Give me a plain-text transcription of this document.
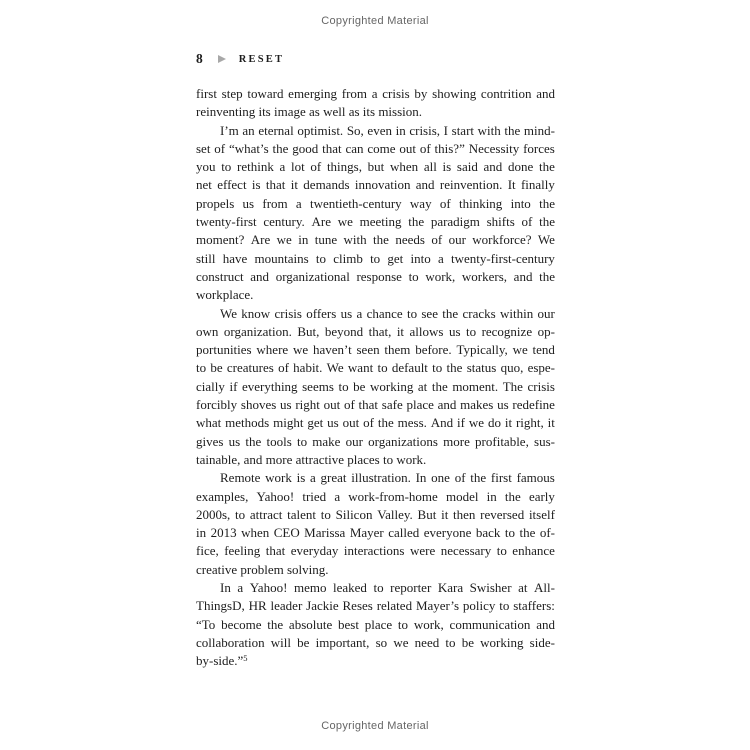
Copyrighted Material
8	RESET
first step toward emerging from a crisis by showing contrition and
reinventing its image as well as its mission.
I’m an eternal optimist. So, even in crisis, I start with the mind-
set of “what’s the good that can come out of this?” Necessity forces
you to rethink a lot of things, but when all is said and done the
net effect is that it demands innovation and reinvention. It finally
propels us from a twentieth-century way of thinking into the
twenty-first century. Are we meeting the paradigm shifts of the
moment? Are we in tune with the needs of our workforce? We
still have mountains to climb to get into a twenty-first-century
construct and organizational response to work, workers, and the
workplace.
We know crisis offers us a chance to see the cracks within our
own organization. But, beyond that, it allows us to recognize op-
portunities where we haven’t seen them before. Typically, we tend
to be creatures of habit. We want to default to the status quo, espe-
cially if everything seems to be working at the moment. The crisis
forcibly shoves us right out of that safe place and makes us redefine
what methods might get us out of the mess. And if we do it right, it
gives us the tools to make our organizations more profitable, sus-
tainable, and more attractive places to work.
Remote work is a great illustration. In one of the first famous
examples, Yahoo! tried a work-from-home model in the early
2000s, to attract talent to Silicon Valley. But it then reversed itself
in 2013 when CEO Marissa Mayer called everyone back to the of-
fice, feeling that everyday interactions were necessary to enhance
creative problem solving.
In a Yahoo! memo leaked to reporter Kara Swisher at All-
ThingsD, HR leader Jackie Reses related Mayer’s policy to staffers:
“To become the absolute best place to work, communication and
collaboration will be important, so we need to be working side-
by-side.”$^5$
Copyrighted Material
